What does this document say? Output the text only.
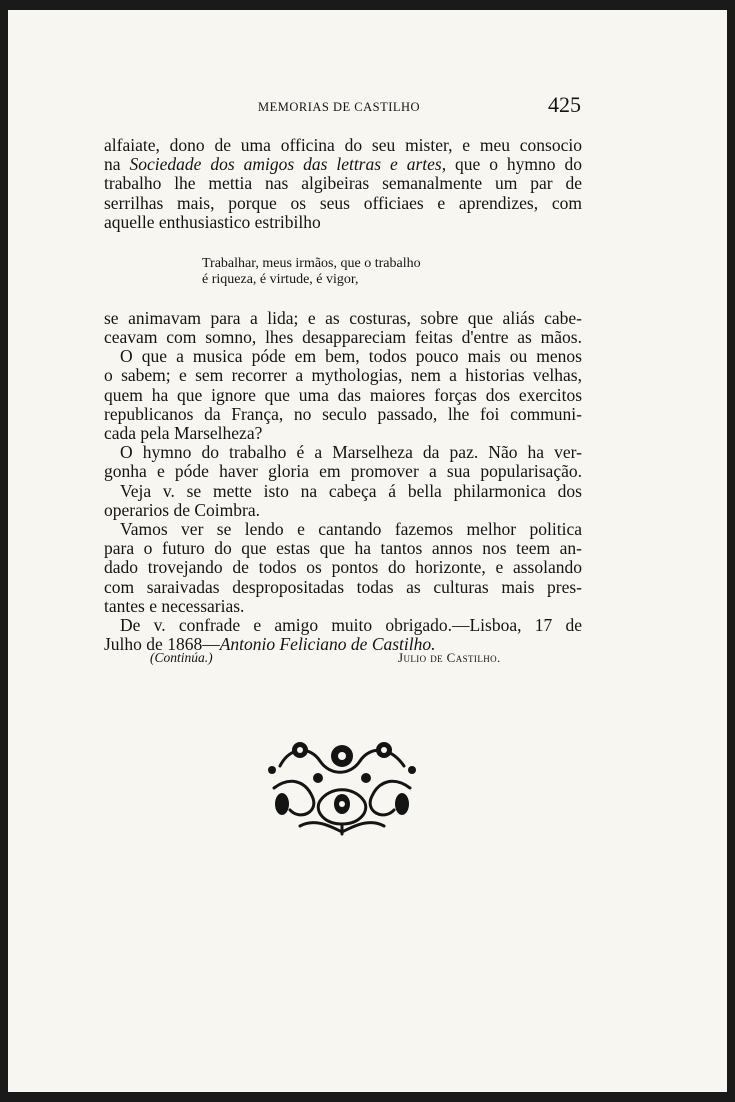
MEMORIAS DE CASTILHO	425
alfaiate, dono de uma officina do seu mister, e meu consocio
na Sociedade dos amigos das lettras e artes, que o hymno do
trabalho lhe mettia nas algibeiras semanalmente um par de
serrilhas mais, porque os seus officiaes e aprendizes, com
aquelle enthusiastico estribilho
se animavam para a lida; e as costuras, sobre que aliás cabe-
ceavam com somno, lhes desappareciam feitas d'entre as mãos.
O que a musica póde em bem, todos pouco mais ou menos
o sabem; e sem recorrer a mythologias, nem a historias velhas,
quem ha que ignore que uma das maiores forças dos exercitos
republicanos da França, no seculo passado, lhe foi communi-
cada pela Marselheza?
O hymno do trabalho é a Marselheza da paz. Não ha ver-
gonha e póde haver gloria em promover a sua popularisação.
Veja v. se mette isto na cabeça á bella philarmonica dos
operarios de Coimbra.
Vamos ver se lendo e cantando fazemos melhor politica
para o futuro do que estas que ha tantos annos nos teem an-
dado trovejando de todos os pontos do horizonte, e assolando
com saraivadas despropositadas todas as culturas mais pres-
tantes e necessarias.
De v. confrade e amigo muito obrigado.—Lisboa, 17 de
Julho de 1868—Antonio Feliciano de Castilho.
Trabalhar, meus irmãos, que o trabalho
é riqueza, é virtude, é vigor,
(Continúa.)	Julio de Castilho.
